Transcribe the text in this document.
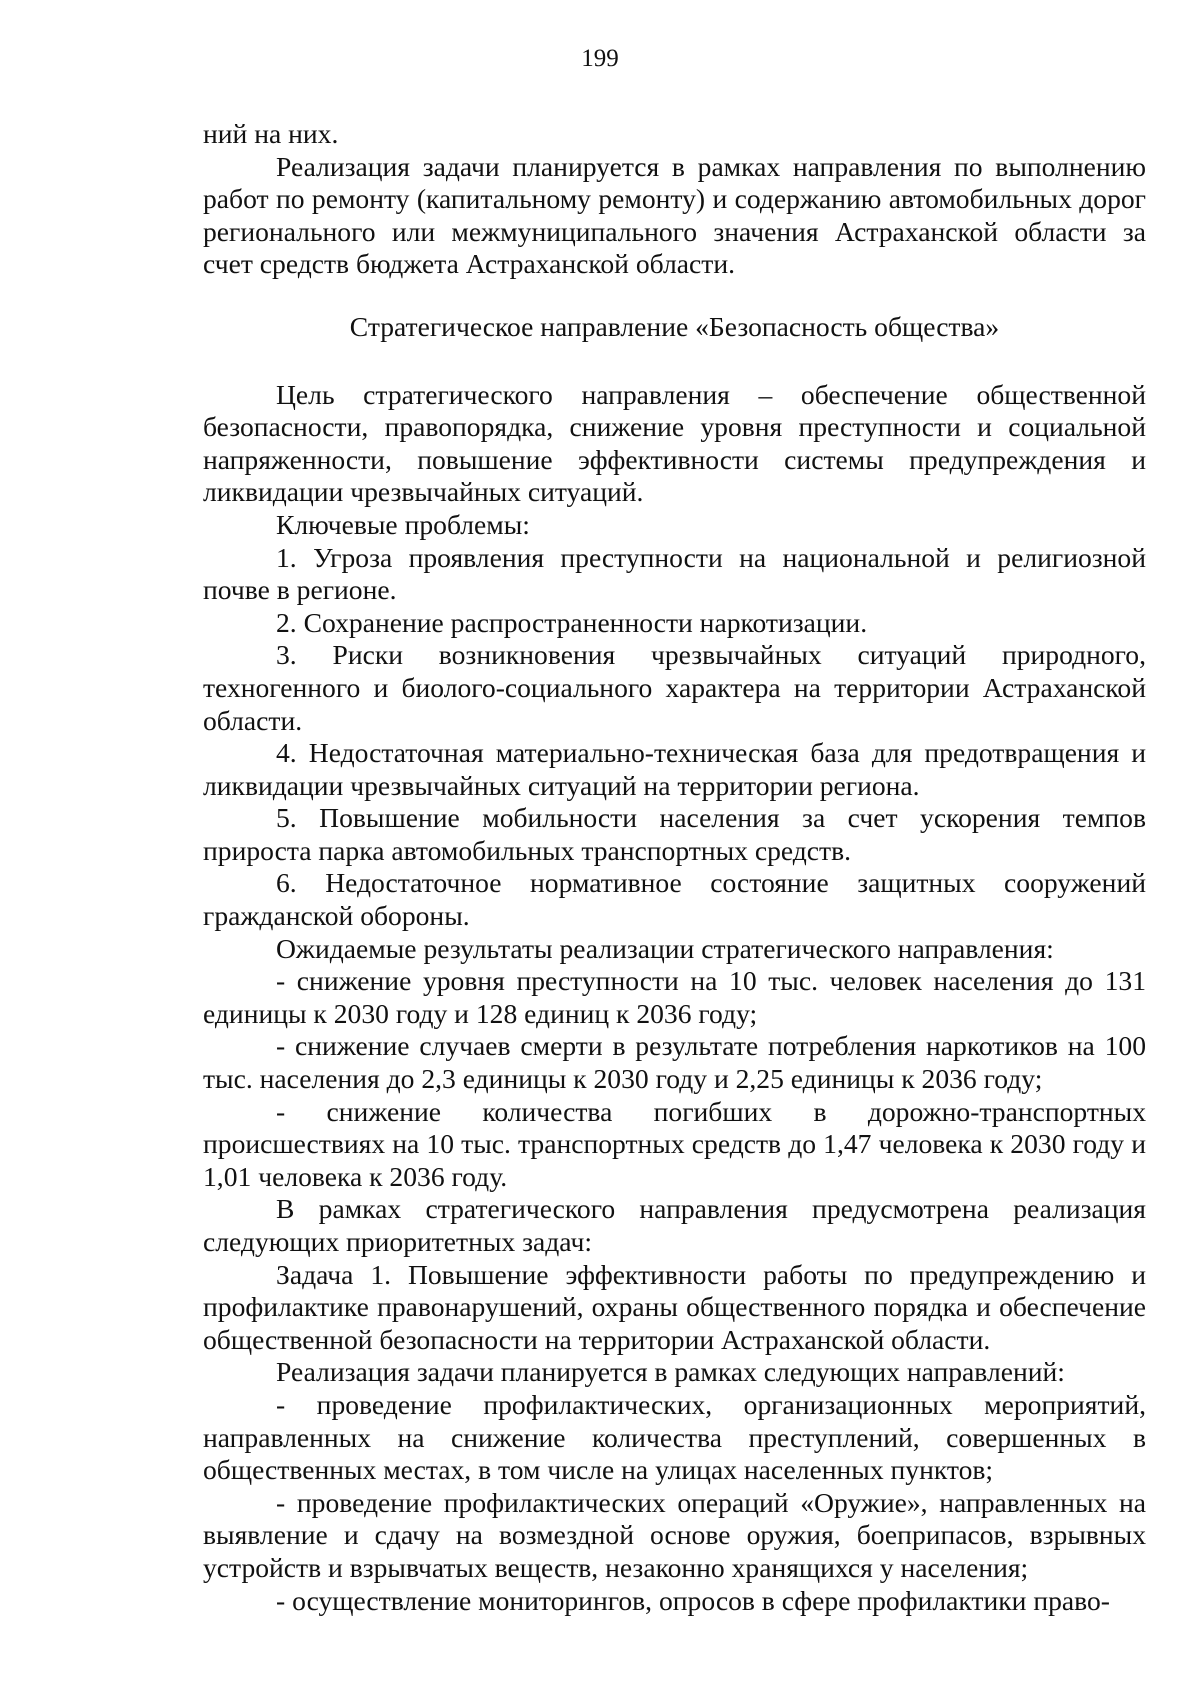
199

ний на них.

Реализация задачи планируется в рамках направления по выполнению работ по ремонту (капитальному ремонту) и содержанию автомобильных дорог регионального или межмуниципального значения Астраханской области за счет средств бюджета Астраханской области.

Стратегическое направление «Безопасность общества»

Цель стратегического направления – обеспечение общественной безопасности, правопорядка, снижение уровня преступности и социальной напряженности, повышение эффективности системы предупреждения и ликвидации чрезвычайных ситуаций.

Ключевые проблемы:

1. Угроза проявления преступности на национальной и религиозной почве в регионе.

2. Сохранение распространенности наркотизации.

3. Риски возникновения чрезвычайных ситуаций природного, техногенного и биолого-социального характера на территории Астраханской области.

4. Недостаточная материально-техническая база для предотвращения и ликвидации чрезвычайных ситуаций на территории региона.

5. Повышение мобильности населения за счет ускорения темпов прироста парка автомобильных транспортных средств.

6. Недостаточное нормативное состояние защитных сооружений гражданской обороны.

Ожидаемые результаты реализации стратегического направления:

- снижение уровня преступности на 10 тыс. человек населения до 131 единицы к 2030 году и 128 единиц к 2036 году;

- снижение случаев смерти в результате потребления наркотиков на 100 тыс. населения до 2,3 единицы к 2030 году и 2,25 единицы к 2036 году;

- снижение количества погибших в дорожно-транспортных происшествиях на 10 тыс. транспортных средств до 1,47 человека к 2030 году и 1,01 человека к 2036 году.

В рамках стратегического направления предусмотрена реализация следующих приоритетных задач:

Задача 1. Повышение эффективности работы по предупреждению и профилактике правонарушений, охраны общественного порядка и обеспечение общественной безопасности на территории Астраханской области.

Реализация задачи планируется в рамках следующих направлений:

- проведение профилактических, организационных мероприятий, направленных на снижение количества преступлений, совершенных в общественных местах, в том числе на улицах населенных пунктов;

- проведение профилактических операций «Оружие», направленных на выявление и сдачу на возмездной основе оружия, боеприпасов, взрывных устройств и взрывчатых веществ, незаконно хранящихся у населения;

- осуществление мониторингов, опросов в сфере профилактики право-
